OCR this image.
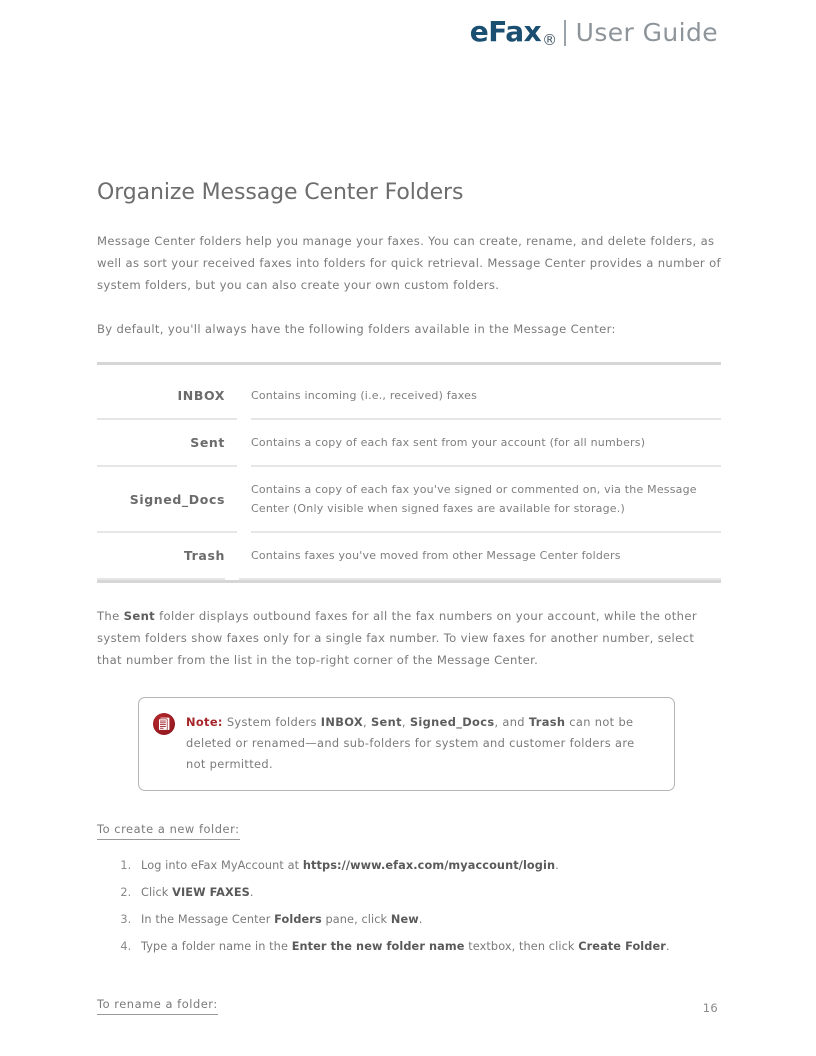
eFax® User Guide
Organize Message Center Folders

Message Center folders help you manage your faxes. You can create, rename, and delete folders, as well as sort your received faxes into folders for quick retrieval. Message Center provides a number of system folders, but you can also create your own custom folders.

By default, you'll always have the following folders available in the Message Center:

INBOX		Contains incoming (i.e., received) faxes
Sent		Contains a copy of each fax sent from your account (for all numbers)
Signed_Docs		Contains a copy of each fax you've signed or commented on, via the Message Center (Only visible when signed faxes are available for storage.)
Trash		Contains faxes you've moved from other Message Center folders

The Sent folder displays outbound faxes for all the fax numbers on your account, while the other system folders show faxes only for a single fax number. To view faxes for another number, select that number from the list in the top-right corner of the Message Center.

Note: System folders INBOX, Sent, Signed_Docs, and Trash can not be deleted or renamed—and sub-folders for system and customer folders are not permitted.
To create a new folder:
1. Log into eFax MyAccount at https://www.efax.com/myaccount/login.
2. Click VIEW FAXES.
3. In the Message Center Folders pane, click New.
4. Type a folder name in the Enter the new folder name textbox, then click Create Folder.
To rename a folder:	16
